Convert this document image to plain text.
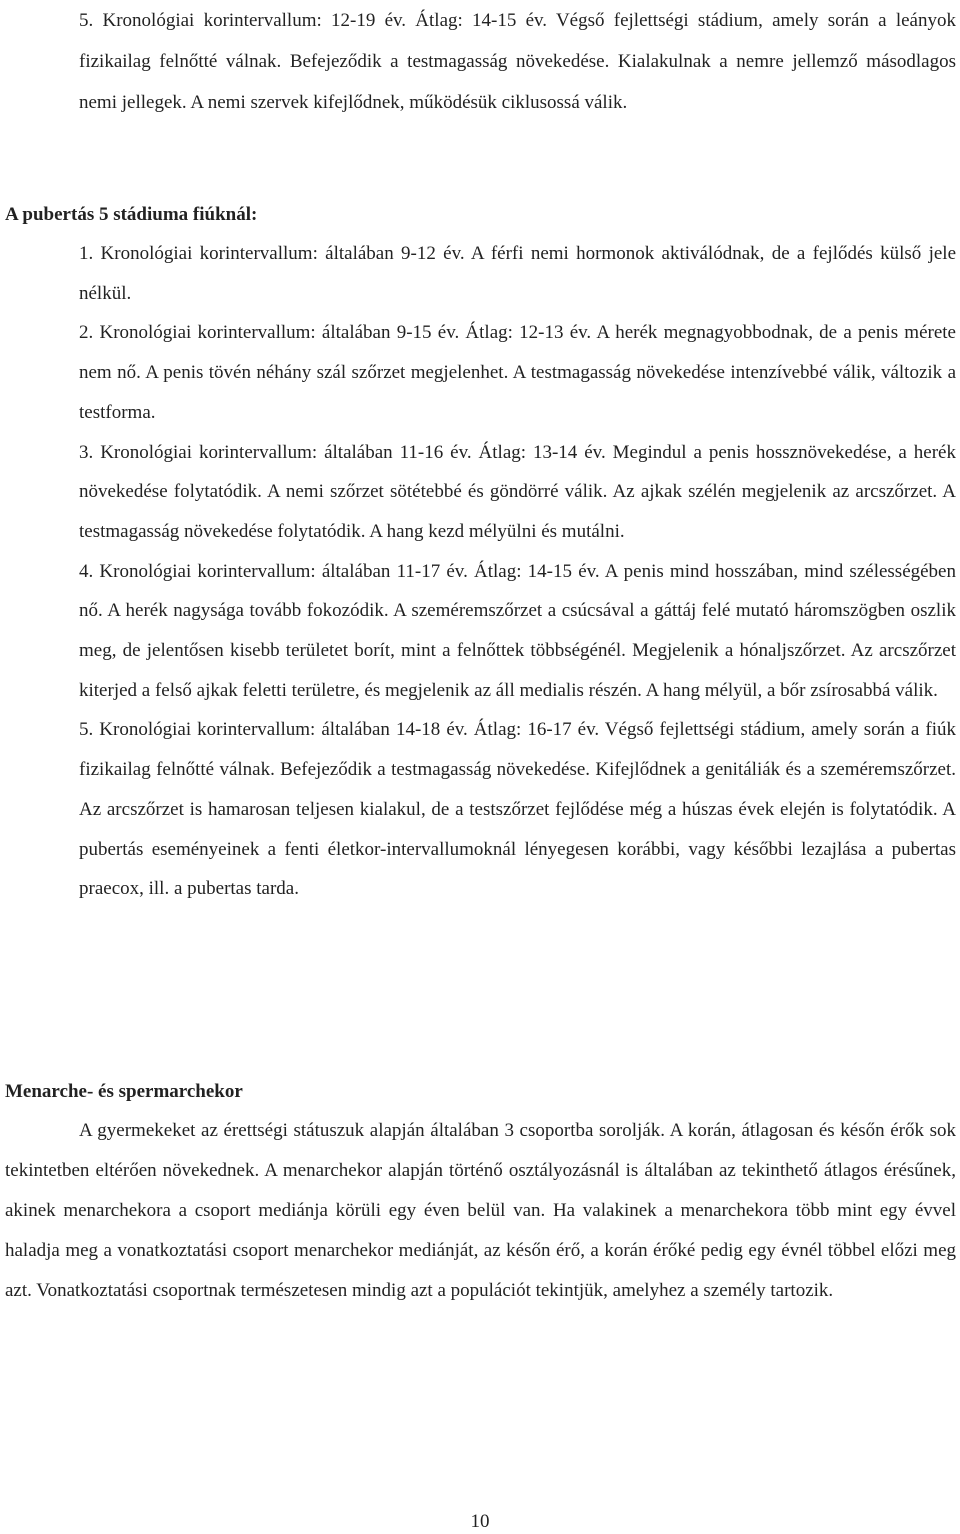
5. Kronológiai korintervallum: 12-19 év. Átlag: 14-15 év. Végső fejlettségi stádium, amely során a leányok fizikailag felnőtté válnak. Befejeződik a testmagasság növekedése. Kialakulnak a nemre jellemző másodlagos nemi jellegek. A nemi szervek kifejlődnek, működésük ciklusossá válik.

A pubertás 5 stádiuma fiúknál:

1. Kronológiai korintervallum: általában 9-12 év. A férfi nemi hormonok aktiválódnak, de a fejlődés külső jele nélkül.

2. Kronológiai korintervallum: általában 9-15 év. Átlag: 12-13 év. A herék megnagyobbodnak, de a penis mérete nem nő. A penis tövén néhány szál szőrzet megjelenhet. A testmagasság növekedése intenzívebbé válik, változik a testforma.

3. Kronológiai korintervallum: általában 11-16 év. Átlag: 13-14 év. Megindul a penis hossznövekedése, a herék növekedése folytatódik. A nemi szőrzet sötétebbé és göndörré válik. Az ajkak szélén megjelenik az arcszőrzet. A testmagasság növekedése folytatódik. A hang kezd mélyülni és mutálni.

4. Kronológiai korintervallum: általában 11-17 év. Átlag: 14-15 év. A penis mind hosszában, mind szélességében nő. A herék nagysága tovább fokozódik. A szeméremszőrzet a csúcsával a gáttáj felé mutató háromszögben oszlik meg, de jelentősen kisebb területet borít, mint a felnőttek többségénél. Megjelenik a hónaljszőrzet. Az arcszőrzet kiterjed a felső ajkak feletti területre, és megjelenik az áll medialis részén. A hang mélyül, a bőr zsírosabbá válik.

5. Kronológiai korintervallum: általában 14-18 év. Átlag: 16-17 év. Végső fejlettségi stádium, amely során a fiúk fizikailag felnőtté válnak. Befejeződik a testmagasság növekedése. Kifejlődnek a genitáliák és a szeméremszőrzet. Az arcszőrzet is hamarosan teljesen kialakul, de a testszőrzet fejlődése még a húszas évek elején is folytatódik. A pubertás eseményeinek a fenti életkor-intervallumoknál lényegesen korábbi, vagy későbbi lezajlása a pubertas praecox, ill. a pubertas tarda.

Menarche- és spermarchekor

A gyermekeket az érettségi státuszuk alapján általában 3 csoportba sorolják. A korán, átlagosan és későn érők sok tekintetben eltérően növekednek. A menarchekor alapján történő osztályozásnál is általában az tekinthető átlagos érésűnek, akinek menarchekora a csoport mediánja körüli egy éven belül van. Ha valakinek a menarchekora több mint egy évvel haladja meg a vonatkoztatási csoport menarchekor mediánját, az későn érő, a korán érőké pedig egy évnél többel előzi meg azt. Vonatkoztatási csoportnak természetesen mindig azt a populációt tekintjük, amelyhez a személy tartozik.

10
